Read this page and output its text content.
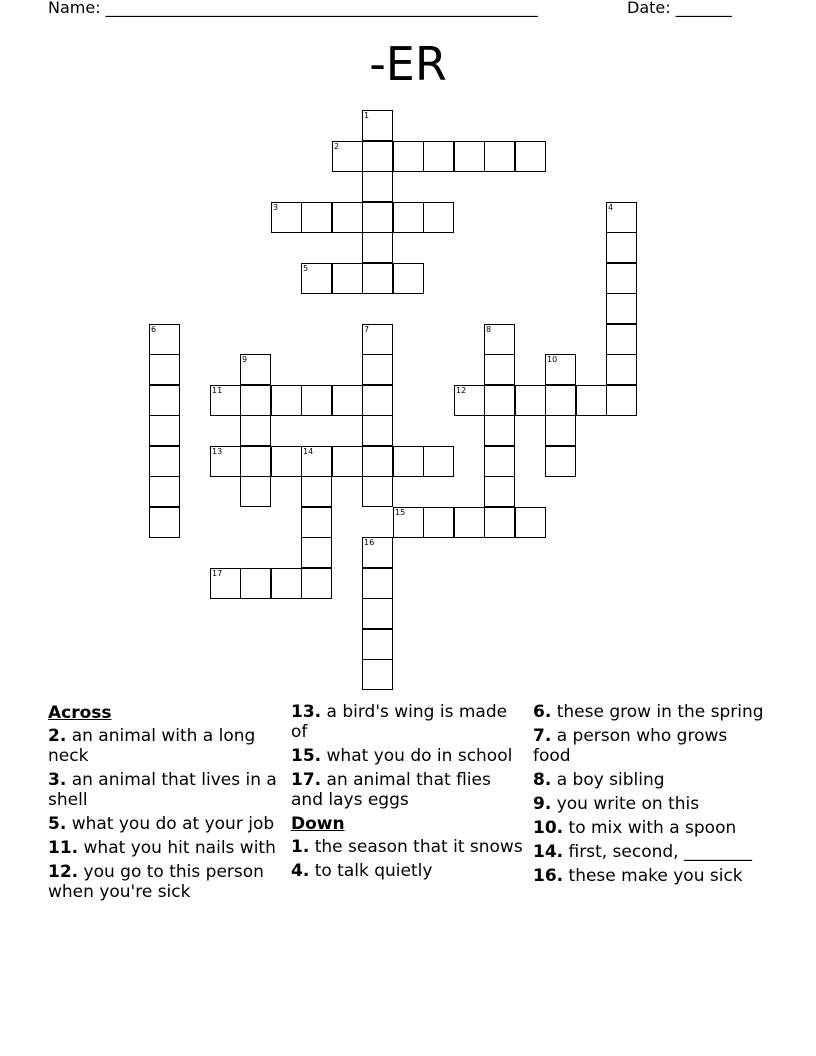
Name: ______________________________________________________	Date: _______
-ER
1
2
3	4
5
6	7	8
9	10
11	12
13	14
15
16
17
Across
2. an animal with a long neck
3. an animal that lives in a shell
5. what you do at your job
11. what you hit nails with
12. you go to this person when you're sick
13. a bird's wing is made of
15. what you do in school
17. an animal that flies and lays eggs
Down
1. the season that it snows
4. to talk quietly
6. these grow in the spring
7. a person who grows food
8. a boy sibling
9. you write on this
10. to mix with a spoon
14. first, second, ________
16. these make you sick
